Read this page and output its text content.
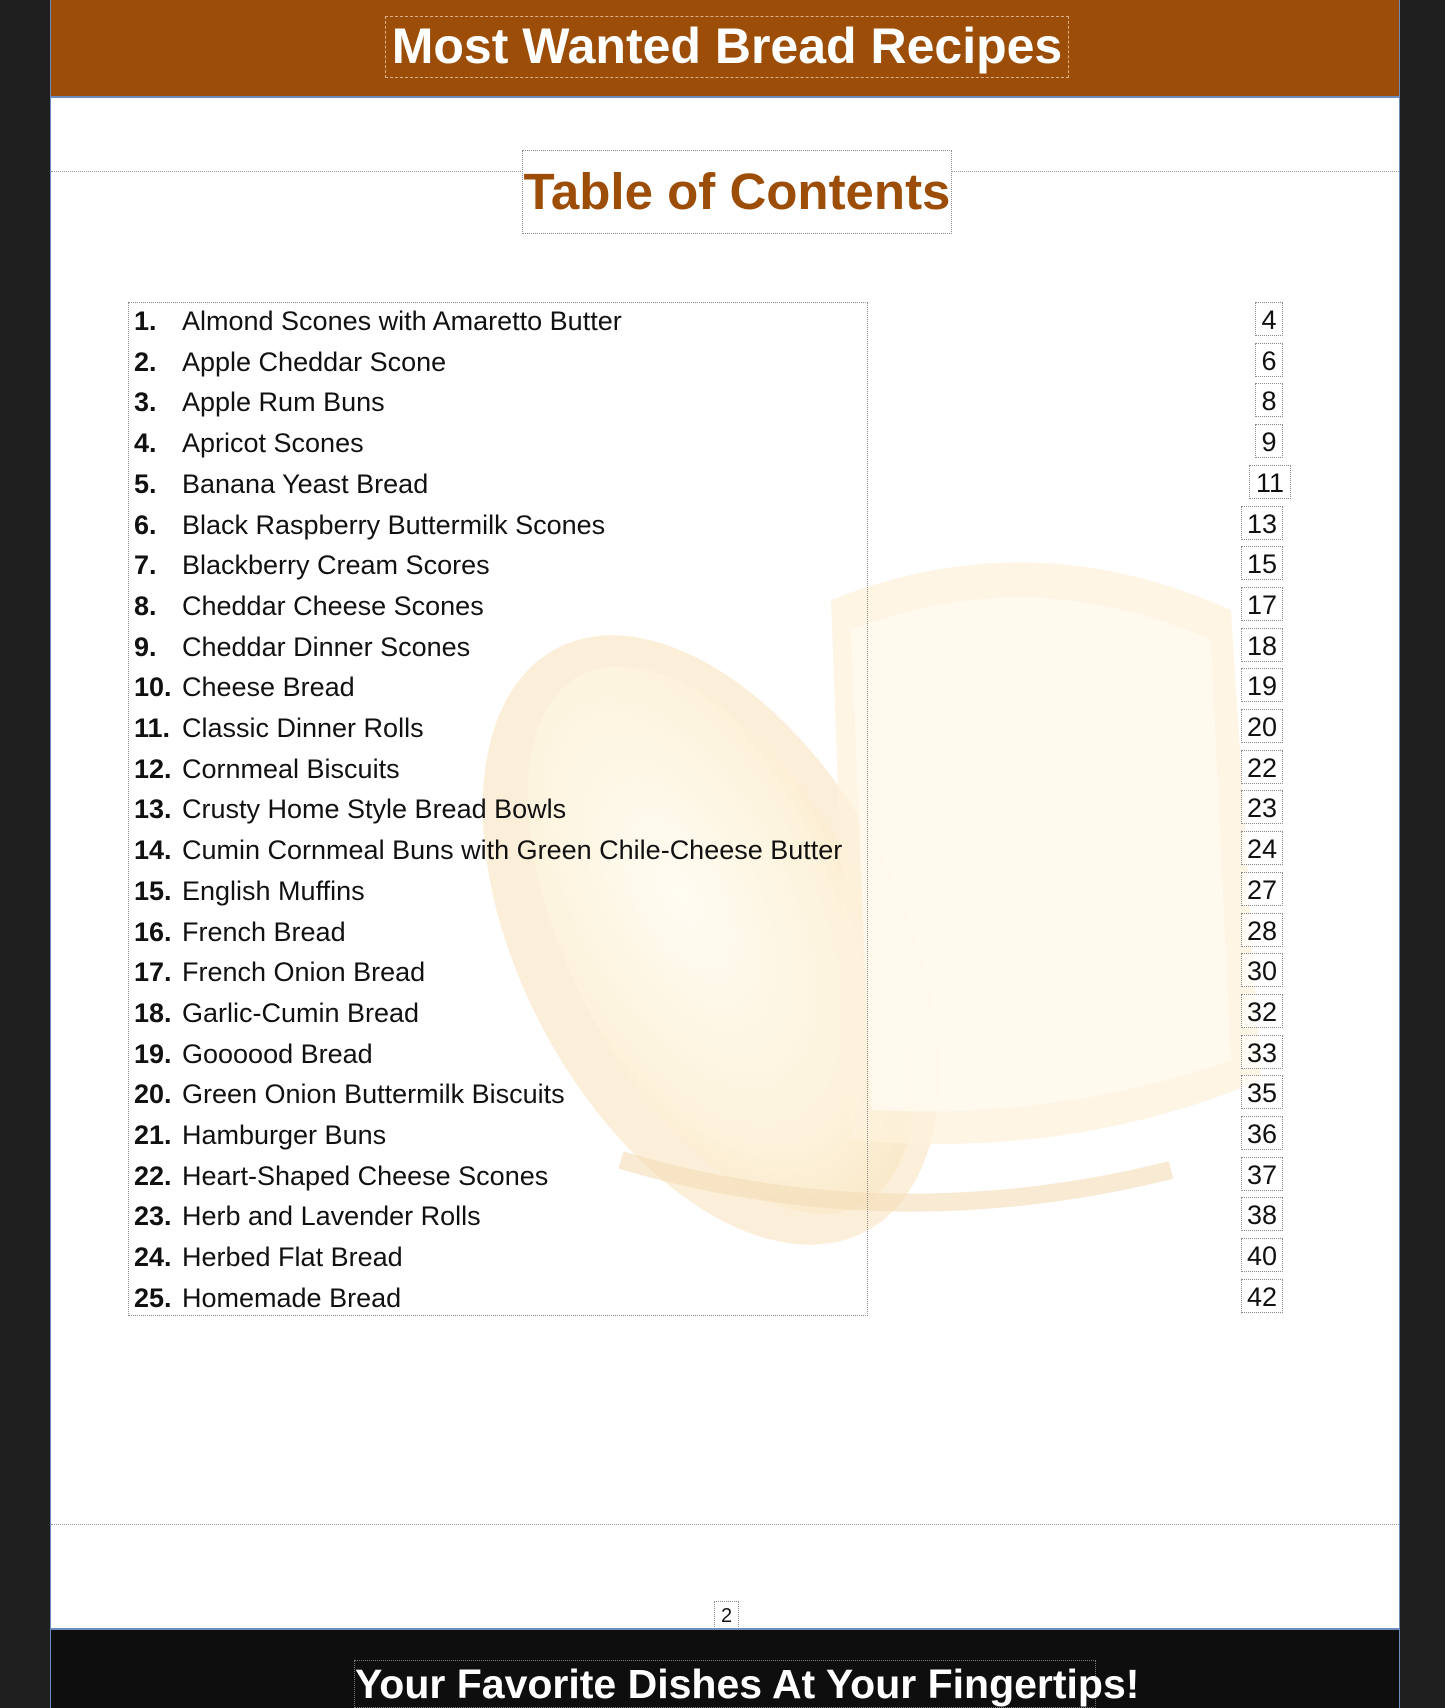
Most Wanted Bread Recipes
Table of Contents
1. Almond Scones with Amaretto Butter
2. Apple Cheddar Scone
3. Apple Rum Buns
4. Apricot Scones
5. Banana Yeast Bread
6. Black Raspberry Buttermilk Scones
7. Blackberry Cream Scores
8. Cheddar Cheese Scones
9. Cheddar Dinner Scones
10. Cheese Bread
11. Classic Dinner Rolls
12. Cornmeal Biscuits
13. Crusty Home Style Bread Bowls
14. Cumin Cornmeal Buns with Green Chile-Cheese Butter
15. English Muffins
16. French Bread
17. French Onion Bread
18. Garlic-Cumin Bread
19. Goooood Bread
20. Green Onion Buttermilk Biscuits
21. Hamburger Buns
22. Heart-Shaped Cheese Scones
23. Herb and Lavender Rolls
24. Herbed Flat Bread
25. Homemade Bread
4
6
8
9
11
13
15
17
18
19
20
22
23
24
27
28
30
32
33
35
36
37
38
40
42
2
Your Favorite Dishes At Your Fingertips!
